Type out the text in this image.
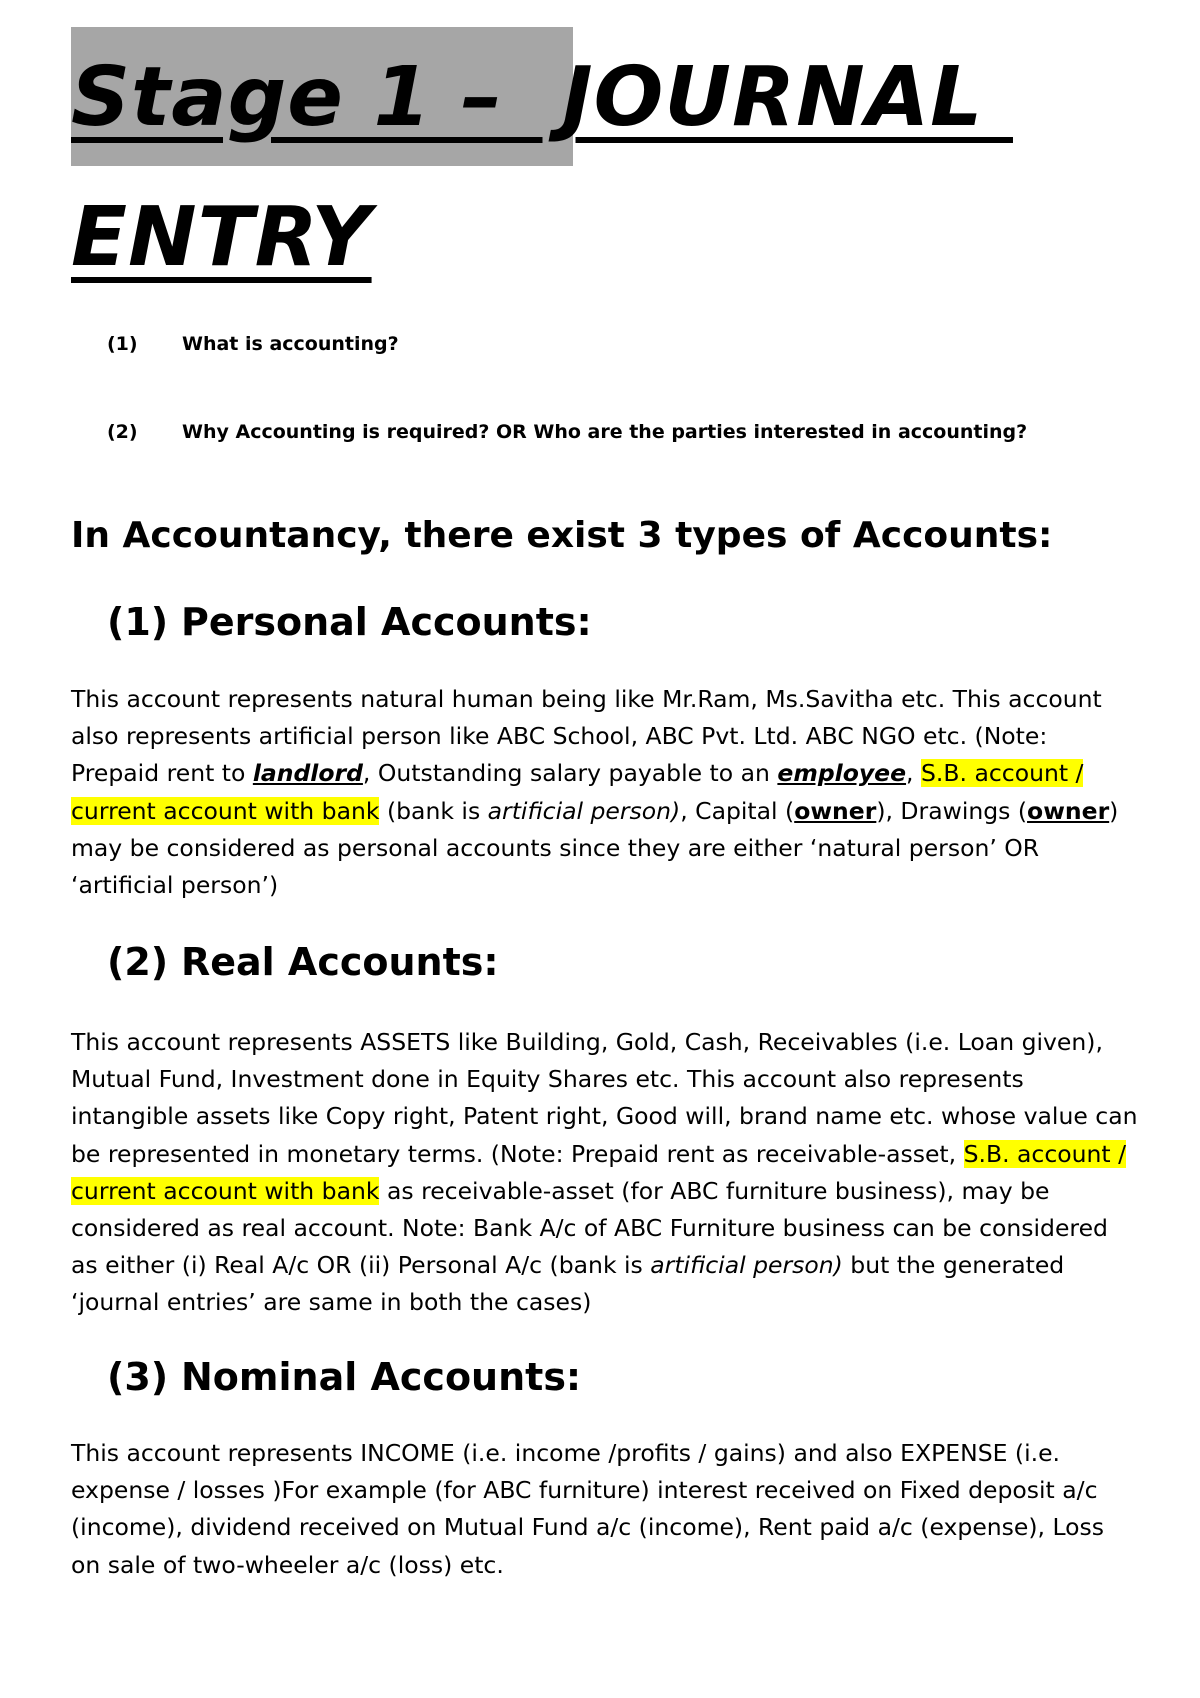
Stage 1 –  JOURNAL
ENTRY
(1) What is accounting?
(2) Why Accounting is required? OR Who are the parties interested in accounting?
In Accountancy, there exist 3 types of Accounts:
(1) Personal Accounts:
This account represents natural human being like Mr.Ram, Ms.Savitha etc. This account
also represents artificial person like ABC School, ABC Pvt. Ltd. ABC NGO etc. (Note:
Prepaid rent to landlord, Outstanding salary payable to an employee, S.B. account /
current account with bank (bank is artificial person), Capital (owner), Drawings (owner)
may be considered as personal accounts since they are either ‘natural person’ OR
‘artificial person’)
(2) Real Accounts:
This account represents ASSETS like Building, Gold, Cash, Receivables (i.e. Loan given),
Mutual Fund, Investment done in Equity Shares etc. This account also represents
intangible assets like Copy right, Patent right, Good will, brand name etc. whose value can
be represented in monetary terms. (Note: Prepaid rent as receivable-asset, S.B. account /
current account with bank as receivable-asset (for ABC furniture business), may be
considered as real account. Note: Bank A/c of ABC Furniture business can be considered
as either (i) Real A/c OR (ii) Personal A/c (bank is artificial person) but the generated
‘journal entries’ are same in both the cases)
(3) Nominal Accounts:
This account represents INCOME (i.e. income /profits / gains) and also EXPENSE (i.e.
expense / losses )For example (for ABC furniture) interest received on Fixed deposit a/c
(income), dividend received on Mutual Fund a/c (income), Rent paid a/c (expense), Loss
on sale of two-wheeler a/c (loss) etc.
